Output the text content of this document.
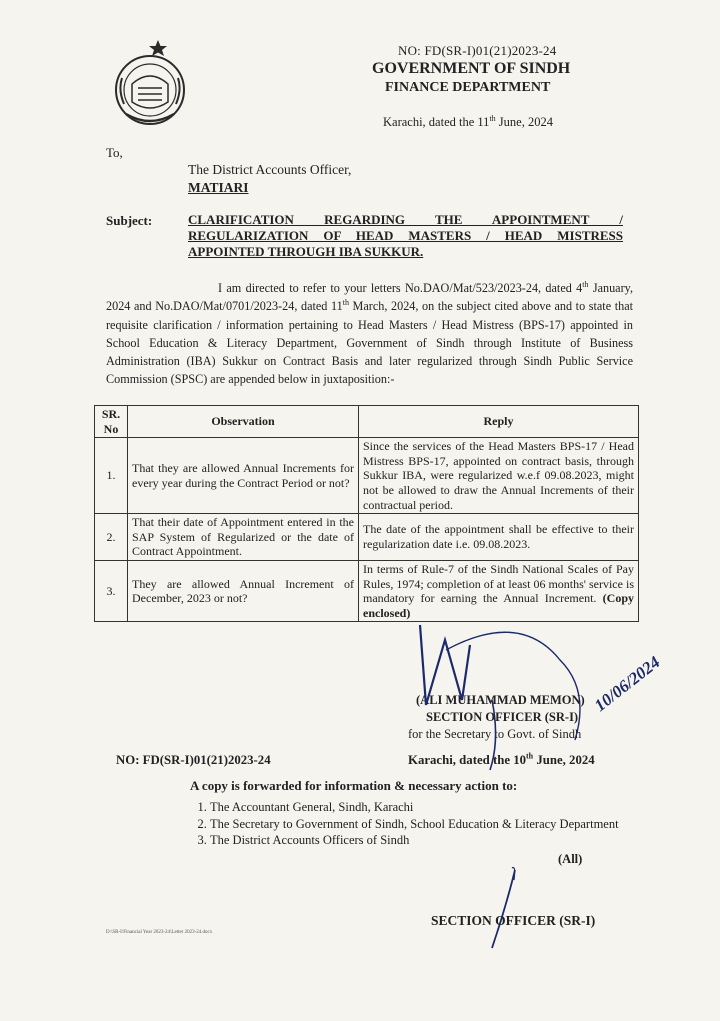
NO: FD(SR-I)01(21)2023-24
GOVERNMENT OF SINDH
FINANCE DEPARTMENT
Karachi, dated the 11th June, 2024
To,
The District Accounts Officer,
MATIARI
Subject:	CLARIFICATION REGARDING THE APPOINTMENT / REGULARIZATION OF HEAD MASTERS / HEAD MISTRESS APPOINTED THROUGH IBA SUKKUR.
I am directed to refer to your letters No.DAO/Mat/523/2023-24, dated 4th January, 2024 and No.DAO/Mat/0701/2023-24, dated 11th March, 2024, on the subject cited above and to state that requisite clarification / information pertaining to Head Masters / Head Mistress (BPS-17) appointed in School Education & Literacy Department, Government of Sindh through Institute of Business Administration (IBA) Sukkur on Contract Basis and later regularized through Sindh Public Service Commission (SPSC) are appended below in juxtaposition:-
SR. No	Observation	Reply
1.	That they are allowed Annual Increments for every year during the Contract Period or not?	Since the services of the Head Masters BPS-17 / Head Mistress BPS-17, appointed on contract basis, through Sukkur IBA, were regularized w.e.f 09.08.2023, might not be allowed to draw the Annual Increments of their contractual period.
2.	That their date of Appointment entered in the SAP System of Regularized or the date of Contract Appointment.	The date of the appointment shall be effective to their regularization date i.e. 09.08.2023.
3.	They are allowed Annual Increment of December, 2023 or not?	In terms of Rule-7 of the Sindh National Scales of Pay Rules, 1974; completion of at least 06 months' service is mandatory for earning the Annual Increment. (Copy enclosed)
(ALI MUHAMMAD MEMON)
SECTION OFFICER (SR-I)
for the Secretary to Govt. of Sindh
10/06/2024
NO: FD(SR-I)01(21)2023-24	Karachi, dated the 10th June, 2024
A copy is forwarded for information & necessary action to:
1. The Accountant General, Sindh, Karachi
2. The Secretary to Government of Sindh, School Education & Literacy Department
3. The District Accounts Officers of Sindh
(All)
SECTION OFFICER (SR-I)
D:\SR-I\Financial Year 2023-24\Letter 2023-24.docx
